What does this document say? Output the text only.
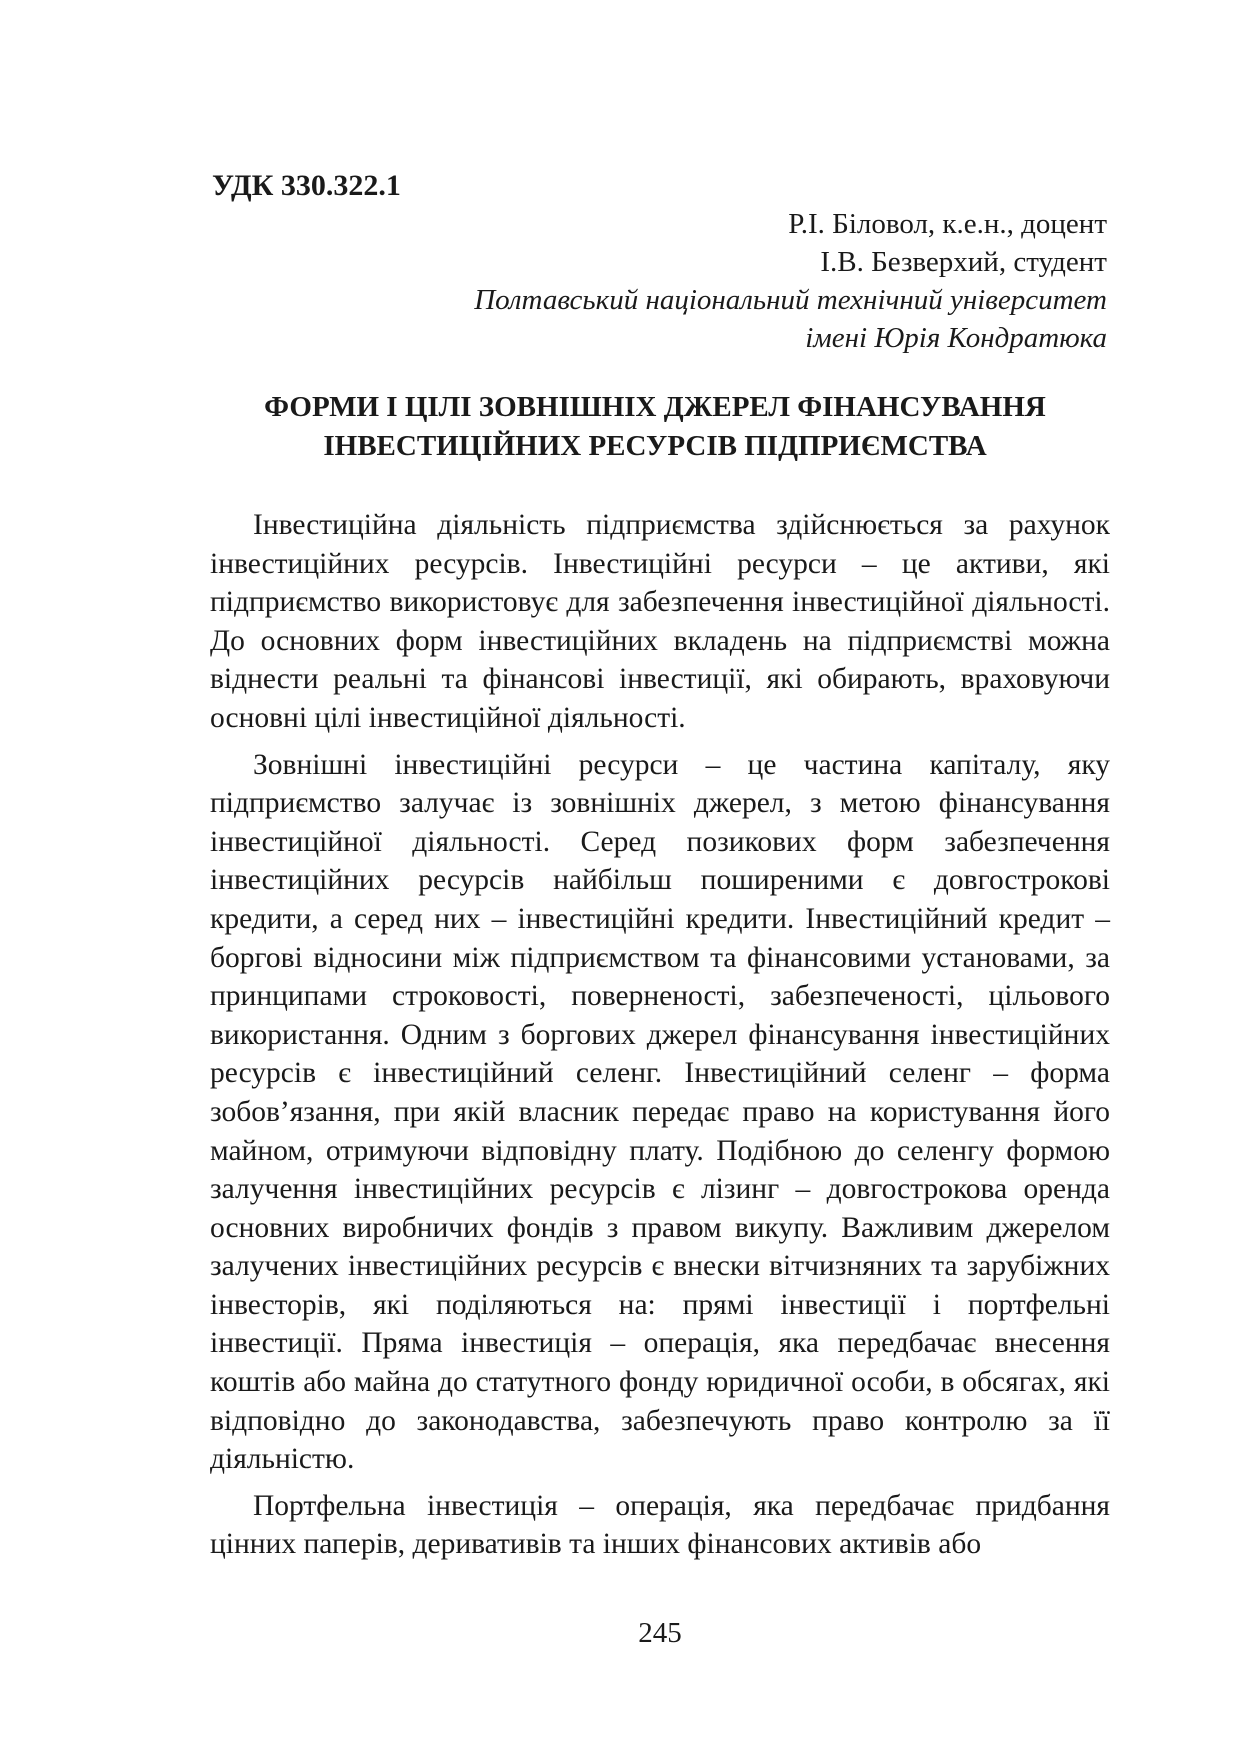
УДК 330.322.1

Р.І. Біловол, к.е.н., доцент

І.В. Безверхий, студент

Полтавський національний технічний університет

імені Юрія Кондратюка

ФОРМИ І ЦІЛІ ЗОВНІШНІХ ДЖЕРЕЛ ФІНАНСУВАННЯ
ІНВЕСТИЦІЙНИХ РЕСУРСІВ ПІДПРИЄМСТВА

Інвестиційна діяльність підприємства здійснюється за рахунок інвестиційних ресурсів. Інвестиційні ресурси – це активи, які підприємство використовує для забезпечення інвестиційної діяльності. До основних форм інвестиційних вкладень на підприємстві можна віднести реальні та фінансові інвестиції, які обирають, враховуючи основні цілі інвестиційної діяльності.

Зовнішні інвестиційні ресурси – це частина капіталу, яку підприємство залучає із зовнішніх джерел, з метою фінансування інвестиційної діяльності. Серед позикових форм забезпечення інвестиційних ресурсів найбільш поширеними є довгострокові кредити, а серед них – інвестиційні кредити. Інвестиційний кредит – боргові відносини між підприємством та фінансовими установами, за принципами строковості, поверненості, забезпеченості, цільового використання. Одним з боргових джерел фінансування інвестиційних ресурсів є інвестиційний селенг. Інвестиційний селенг – форма зобов’язання, при якій власник передає право на користування його майном, отримуючи відповідну плату. Подібною до селенгу формою залучення інвестиційних ресурсів є лізинг – довгострокова оренда основних виробничих фондів з правом викупу. Важливим джерелом залучених інвестиційних ресурсів є внески вітчизняних та зарубіжних інвесторів, які поділяються на: прямі інвестиції і портфельні інвестиції. Пряма інвестиція – операція, яка передбачає внесення коштів або майна до статутного фонду юридичної особи, в обсягах, які відповідно до законодавства, забезпечують право контролю за її діяльністю.

Портфельна інвестиція – операція, яка передбачає придбання цінних паперів, деривативів та інших фінансових активів або

245
